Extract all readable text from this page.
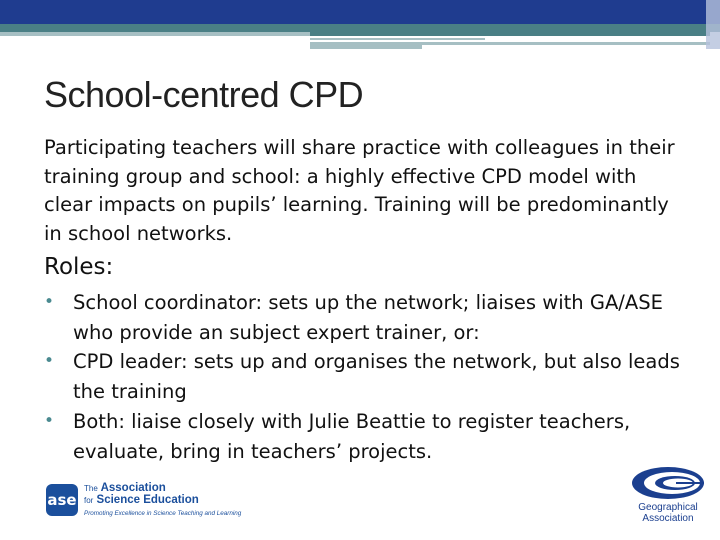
School-centred CPD
Participating teachers will share practice with colleagues in their training group and school: a highly effective CPD model with clear impacts on pupils’ learning. Training will be predominantly in school networks.
Roles:
• School coordinator: sets up the network; liaises with GA/ASE who provide an subject expert trainer, or:
• CPD leader: sets up and organises the network, but also leads the training
• Both: liaise closely with Julie Beattie to register teachers, evaluate, bring in teachers’ projects.
ase
The Association
for Science Education
Promoting Excellence in Science Teaching and Learning
Geographical
Association
